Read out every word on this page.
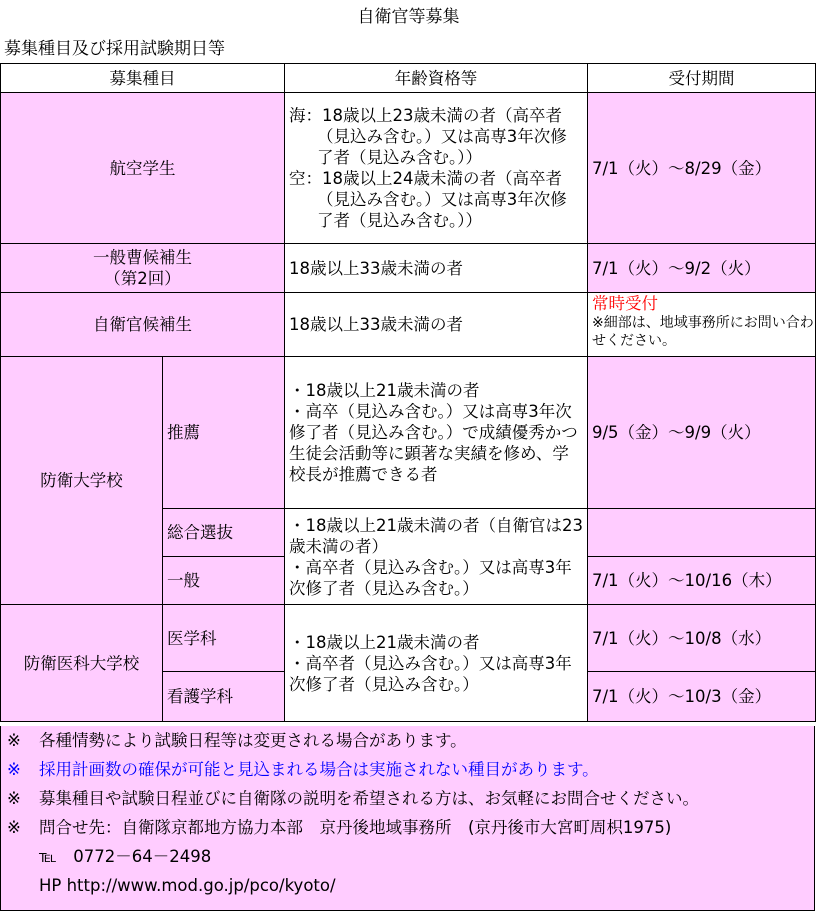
自衛官等募集
募集種目及び採用試験期日等
募集種目		年齢資格等	受付期間
航空学生		海：18歳以上23歳未満の者（高卒者（見込み含む。）又は高専3年次修了者（見込み含む。））
空：18歳以上24歳未満の者（高卒者（見込み含む。）又は高専3年次修了者（見込み含む。））	7/1（火）～8/29（金）

一般曹候補生
（第2回）		18歳以上33歳未満の者	7/1（火）～9/2（火）
自衛官候補生		18歳以上33歳未満の者	常時受付
※細部は、地域事務所にお問い合わせください。

防衛大学校	推薦	・18歳以上21歳未満の者
・高卒（見込み含む。）又は高専3年次修了者（見込み含む。）で成績優秀かつ生徒会活動等に顕著な実績を修め、学校長が推薦できる者	9/5（金）～9/9（火）
	総合選抜	・18歳以上21歳未満の者（自衛官は23歳未満の者）
・高卒者（見込み含む。）又は高専3年次修了者（見込み含む。）	

	一般		7/1（火）～10/16（木）
防衛医科大学校	医学科	・18歳以上21歳未満の者
・高卒者（見込み含む。）又は高専3年次修了者（見込み含む。）	7/1（火）～10/8（水）
	看護学科		7/1（火）～10/3（金）
※ 各種情勢により試験日程等は変更される場合があります。
※ 採用計画数の確保が可能と見込まれる場合は実施されない種目があります。
※ 募集種目や試験日程並びに自衛隊の説明を希望される方は、お気軽にお問合せください。
※ 問合せ先：自衛隊京都地方協力本部　京丹後地域事務所　(京丹後市大宮町周枳1975)
℡　0772－64－2498
HP http://www.mod.go.jp/pco/kyoto/
